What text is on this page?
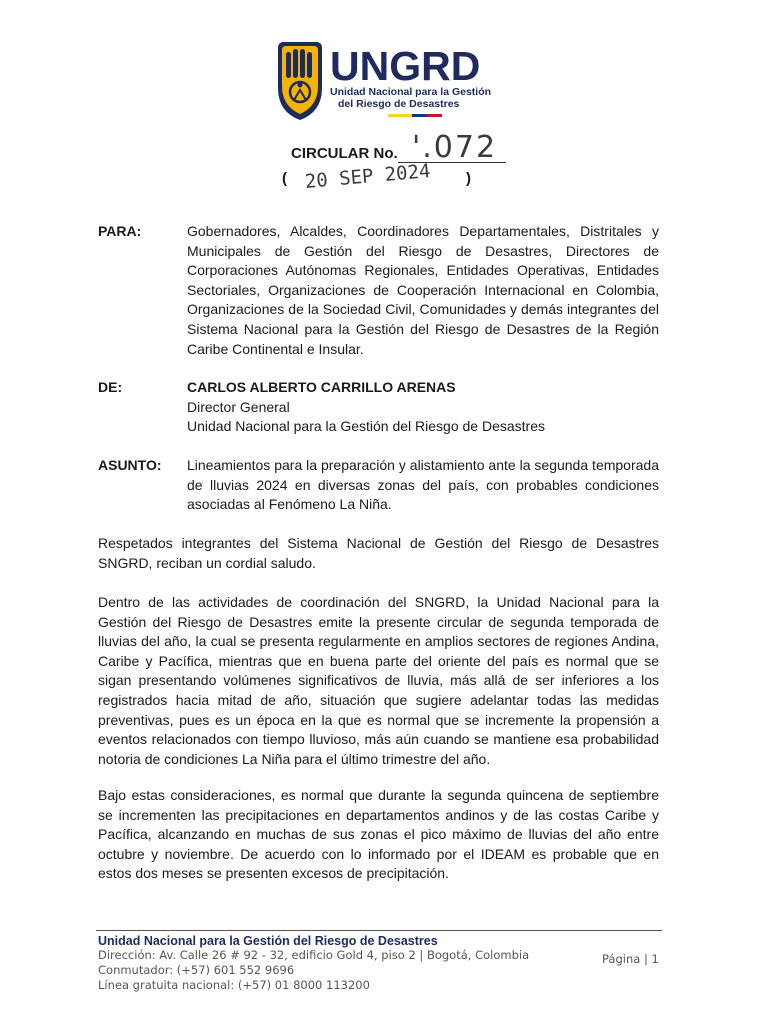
UNGRD
Unidad Nacional para la Gestión
del Riesgo de Desastres
CIRCULAR No. '.072
( 20 SEP 2024 )
PARA:	Gobernadores, Alcaldes, Coordinadores Departamentales, Distritales y Municipales de Gestión del Riesgo de Desastres, Directores de Corporaciones Autónomas Regionales, Entidades Operativas, Entidades Sectoriales, Organizaciones de Cooperación Internacional en Colombia, Organizaciones de la Sociedad Civil, Comunidades y demás integrantes del Sistema Nacional para la Gestión del Riesgo de Desastres de la Región Caribe Continental e Insular.
DE:	CARLOS ALBERTO CARRILLO ARENAS
Director General
Unidad Nacional para la Gestión del Riesgo de Desastres
ASUNTO: Lineamientos para la preparación y alistamiento ante la segunda temporada de lluvias 2024 en diversas zonas del país, con probables condiciones asociadas al Fenómeno La Niña.
Respetados integrantes del Sistema Nacional de Gestión del Riesgo de Desastres SNGRD, reciban un cordial saludo.
Dentro de las actividades de coordinación del SNGRD, la Unidad Nacional para la Gestión del Riesgo de Desastres emite la presente circular de segunda temporada de lluvias del año, la cual se presenta regularmente en amplios sectores de regiones Andina, Caribe y Pacífica, mientras que en buena parte del oriente del país es normal que se sigan presentando volúmenes significativos de lluvia, más allá de ser inferiores a los registrados hacia mitad de año, situación que sugiere adelantar todas las medidas preventivas, pues es un época en la que es normal que se incremente la propensión a eventos relacionados con tiempo lluvioso, más aún cuando se mantiene esa probabilidad notoria de condiciones La Niña para el último trimestre del año.
Bajo estas consideraciones, es normal que durante la segunda quincena de septiembre se incrementen las precipitaciones en departamentos andinos y de las costas Caribe y Pacífica, alcanzando en muchas de sus zonas el pico máximo de lluvias del año entre octubre y noviembre. De acuerdo con lo informado por el IDEAM es probable que en estos dos meses se presenten excesos de precipitación.
Unidad Nacional para la Gestión del Riesgo de Desastres
Dirección: Av. Calle 26 # 92 - 32, edificio Gold 4, piso 2 | Bogotá, Colombia
Conmutador: (+57) 601 552 9696
Línea gratuita nacional: (+57) 01 8000 113200
Página | 1
